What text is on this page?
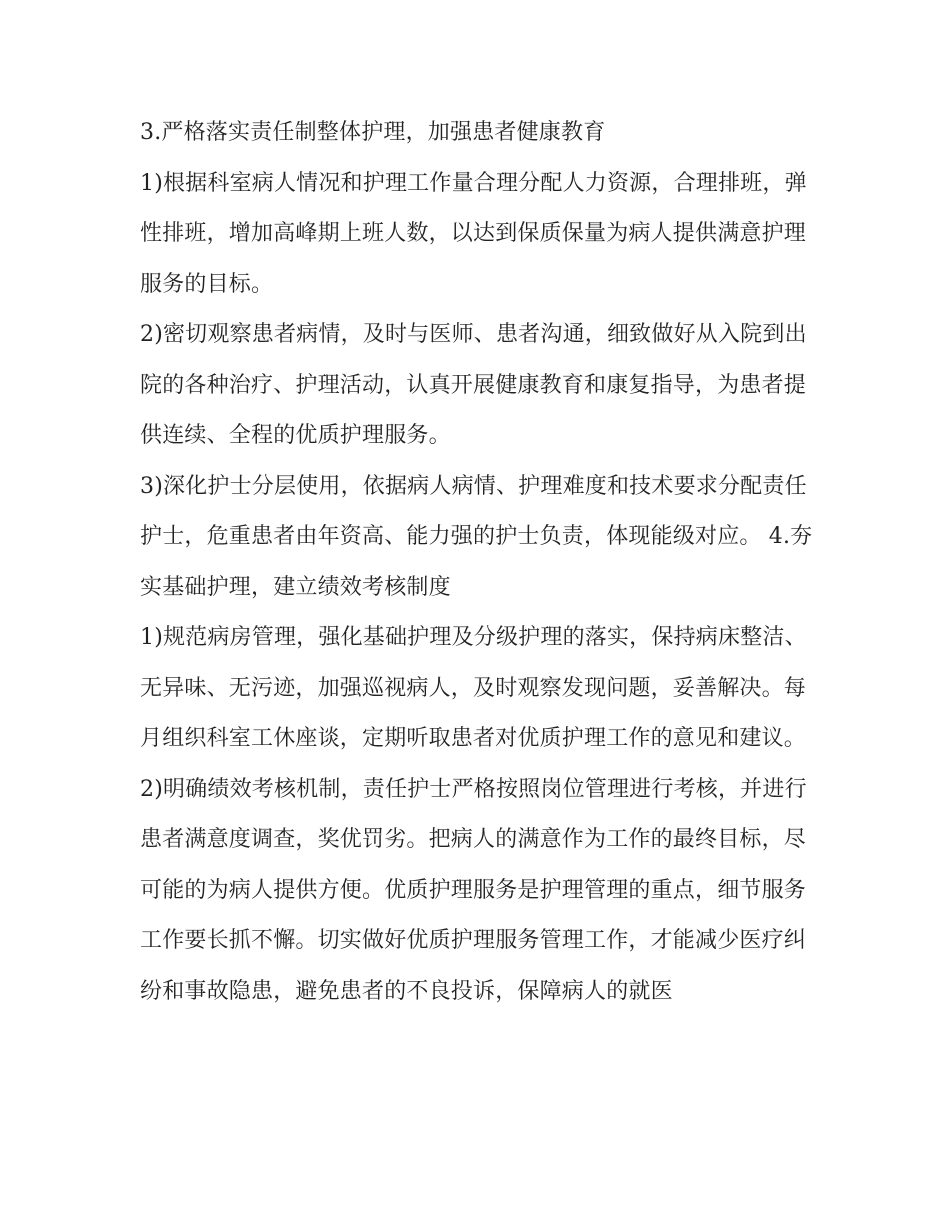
3.严格落实责任制整体护理，加强患者健康教育

1)根据科室病人情况和护理工作量合理分配人力资源，合理排班，弹性排班，增加高峰期上班人数，以达到保质保量为病人提供满意护理服务的目标。

2)密切观察患者病情，及时与医师、患者沟通，细致做好从入院到出院的各种治疗、护理活动，认真开展健康教育和康复指导，为患者提供连续、全程的优质护理服务。

3)深化护士分层使用，依据病人病情、护理难度和技术要求分配责任护士，危重患者由年资高、能力强的护士负责，体现能级对应。 4.夯实基础护理，建立绩效考核制度

1)规范病房管理，强化基础护理及分级护理的落实，保持病床整洁、无异味、无污迹，加强巡视病人，及时观察发现问题，妥善解决。每月组织科室工休座谈，定期听取患者对优质护理工作的意见和建议。

2)明确绩效考核机制，责任护士严格按照岗位管理进行考核，并进行患者满意度调查，奖优罚劣。把病人的满意作为工作的最终目标，尽可能的为病人提供方便。优质护理服务是护理管理的重点，细节服务工作要长抓不懈。切实做好优质护理服务管理工作，才能减少医疗纠纷和事故隐患，避免患者的不良投诉，保障病人的就医
